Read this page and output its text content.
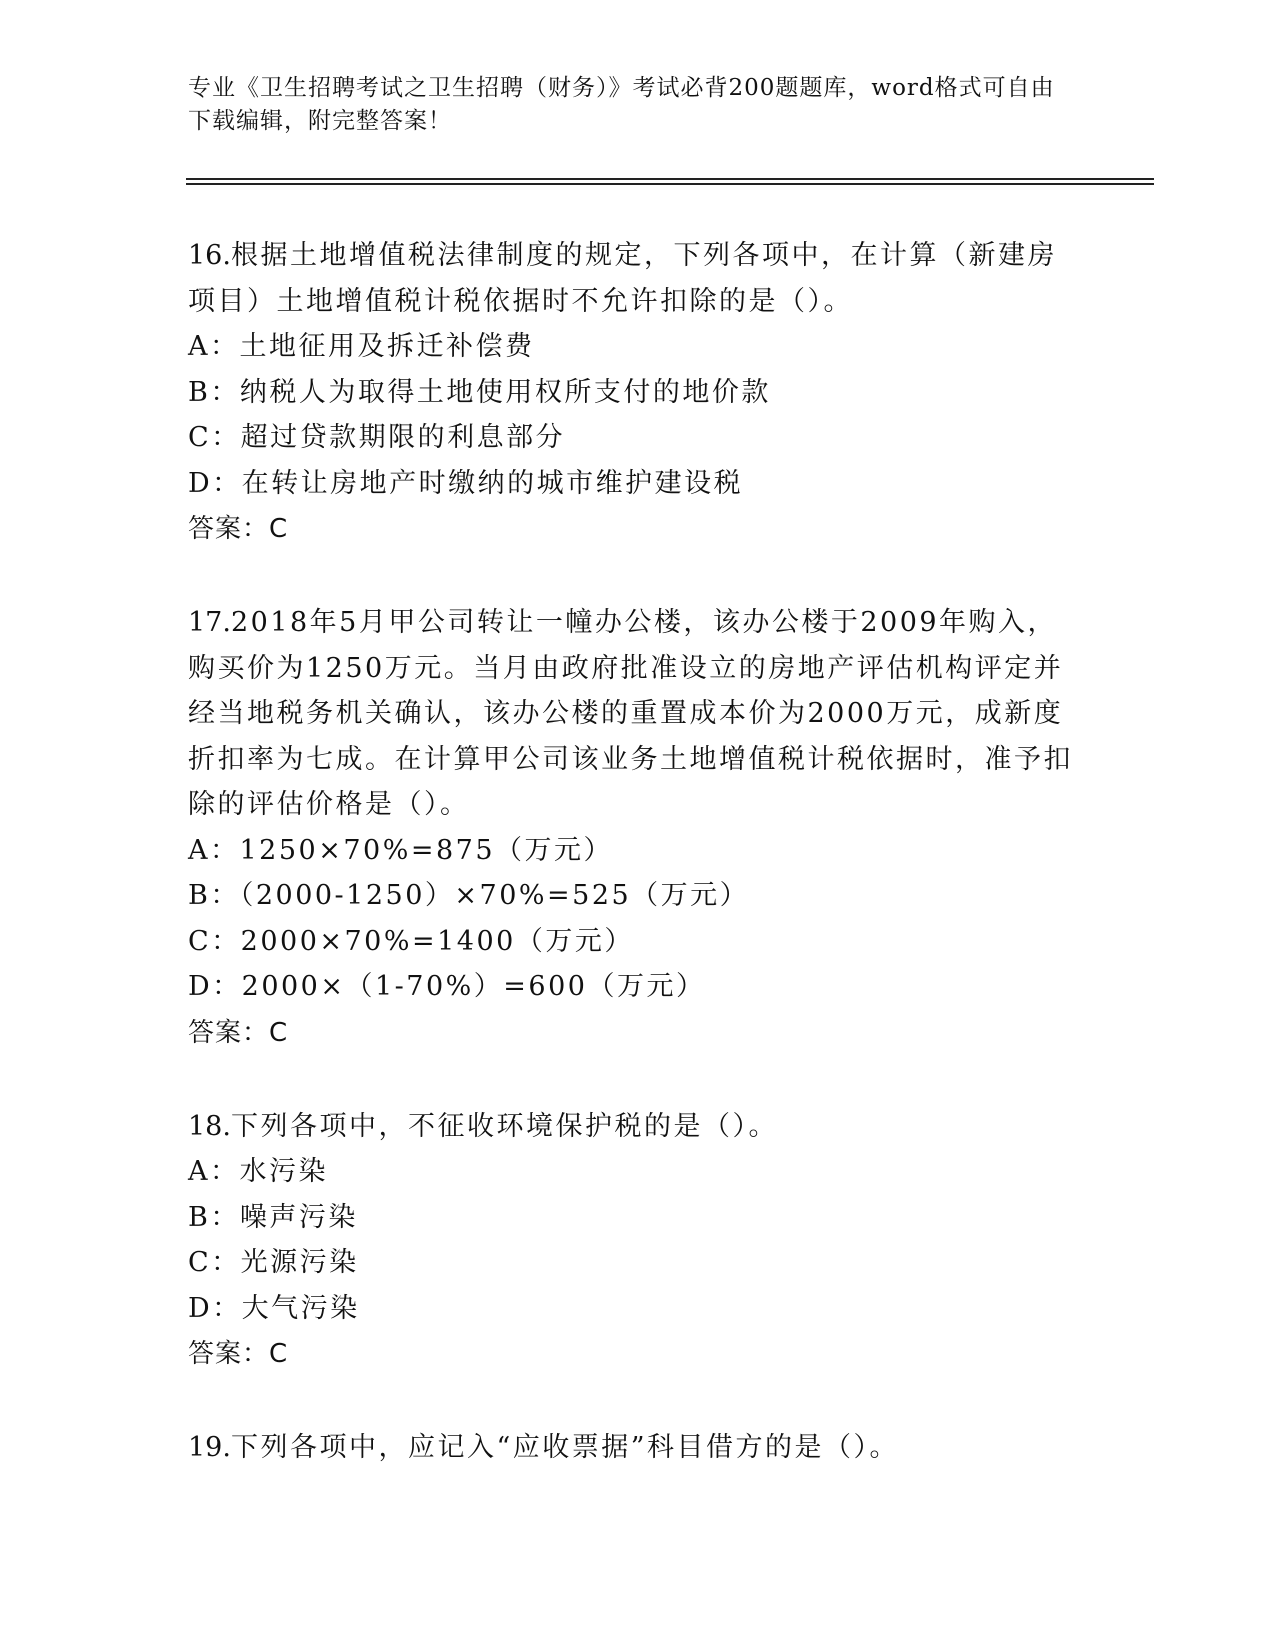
专业《卫生招聘考试之卫生招聘（财务）》考试必背200题题库，word格式可自由下载编辑，附完整答案！

16.根据土地增值税法律制度的规定，下列各项中，在计算（新建房项目）土地增值税计税依据时不允许扣除的是（）。

A：土地征用及拆迁补偿费

B：纳税人为取得土地使用权所支付的地价款

C：超过贷款期限的利息部分

D：在转让房地产时缴纳的城市维护建设税

答案：C

17.2018年5月甲公司转让一幢办公楼，该办公楼于2009年购入，购买价为1250万元。当月由政府批准设立的房地产评估机构评定并经当地税务机关确认，该办公楼的重置成本价为2000万元，成新度折扣率为七成。在计算甲公司该业务土地增值税计税依据时，准予扣除的评估价格是（）。

A：1250×70%=875（万元）

B：（2000-1250）×70%=525（万元）

C：2000×70%=1400（万元）

D：2000×（1-70%）=600（万元）

答案：C

18.下列各项中，不征收环境保护税的是（）。

A：水污染

B：噪声污染

C：光源污染

D：大气污染

答案：C

19.下列各项中，应记入“应收票据”科目借方的是（）。
